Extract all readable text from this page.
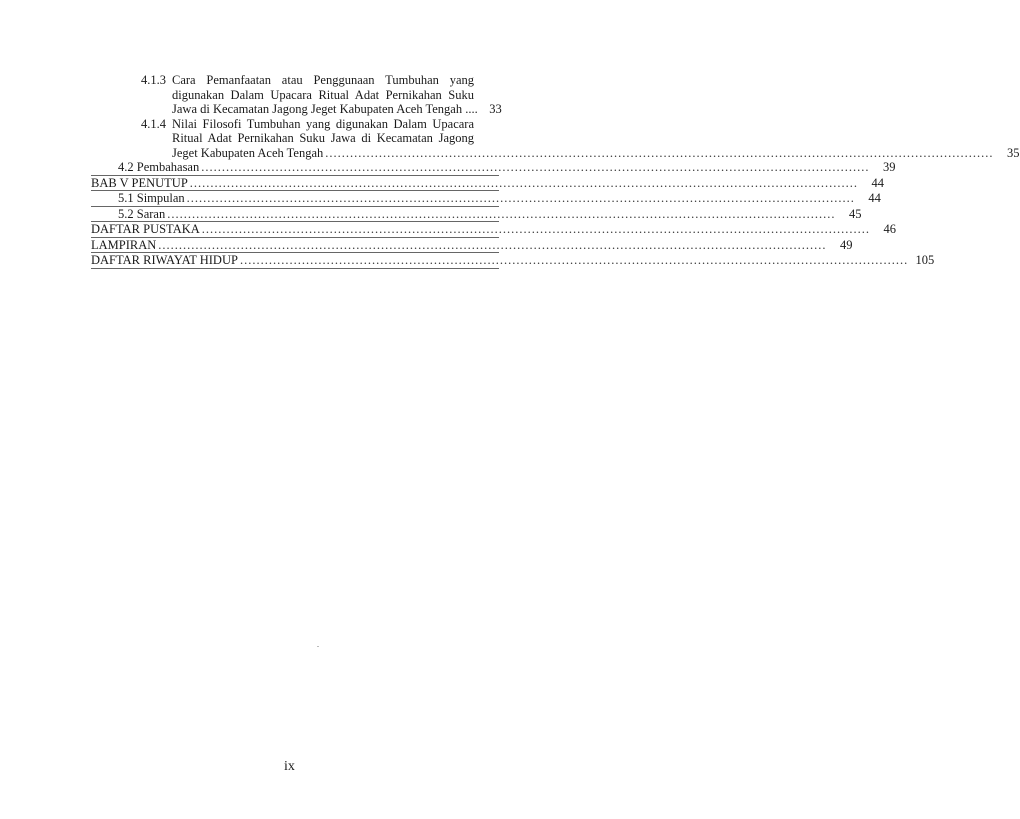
4.1.3 Cara Pemanfaatan atau Penggunaan Tumbuhan yang
digunakan Dalam Upacara Ritual Adat Pernikahan Suku
Jawa di Kecamatan Jagong Jeget Kabupaten Aceh Tengah .... 33
4.1.4 Nilai Filosofi Tumbuhan yang digunakan Dalam Upacara
Ritual Adat Pernikahan Suku Jawa di Kecamatan Jagong
Jeget Kabupaten Aceh Tengah .....	35
4.2 Pembahasan .....	39
BAB V PENUTUP .....	44
5.1 Simpulan .....	44
5.2 Saran .....	45
DAFTAR PUSTAKA .....	46
LAMPIRAN .....	49
DAFTAR RIWAYAT HIDUP .....	105
ix
